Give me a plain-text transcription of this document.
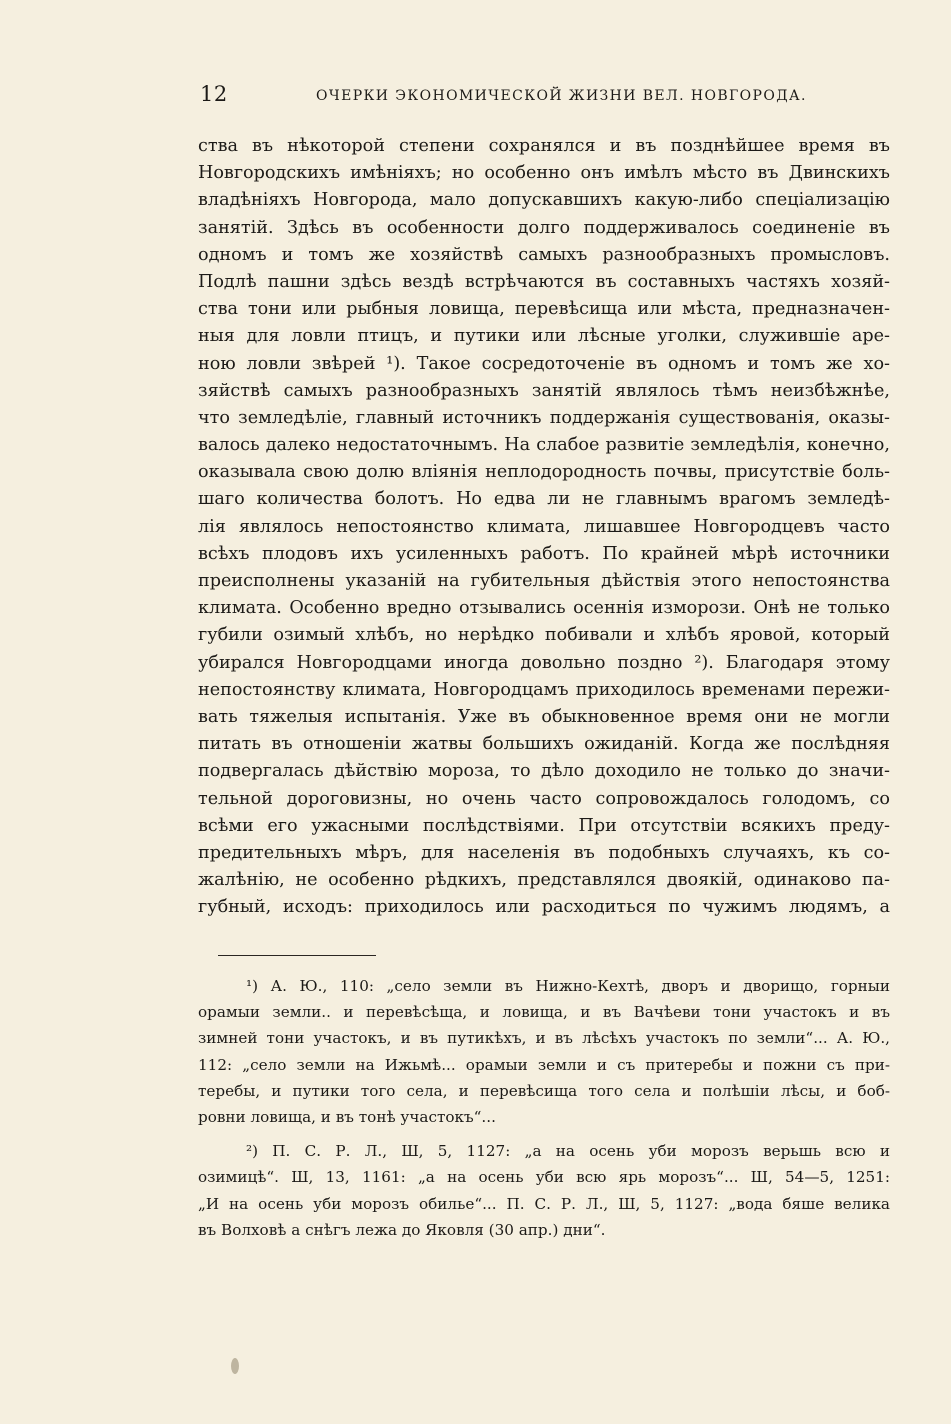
12	ОЧЕРКИ ЭКОНОМИЧЕСКОЙ ЖИЗНИ ВЕЛ. НОВГОРОДА.
ства въ нѣкоторой степени сохранялся и въ позднѣйшее время въ
Новгородскихъ имѣніяхъ; но особенно онъ имѣлъ мѣсто въ Двинскихъ
владѣніяхъ Новгорода, мало допускавшихъ какую-либо спеціализацію
занятій. Здѣсь въ особенности долго поддерживалось соединеніе въ
одномъ и томъ же хозяйствѣ самыхъ разнообразныхъ промысловъ.
Подлѣ пашни здѣсь вездѣ встрѣчаются въ составныхъ частяхъ хозяй-
ства тони или рыбныя ловища, перевѣсища или мѣста, предназначен-
ныя для ловли птицъ, и путики или лѣсные уголки, служившіе аре-
ною ловли звѣрей ¹). Такое сосредоточеніе въ одномъ и томъ же хо-
зяйствѣ самыхъ разнообразныхъ занятій являлось тѣмъ неизбѣжнѣе,
что земледѣліе, главный источникъ поддержанія существованія, оказы-
валось далеко недостаточнымъ. На слабое развитіе земледѣлія, конечно,
оказывала свою долю вліянія неплодородность почвы, присутствіе боль-
шаго количества болотъ. Но едва ли не главнымъ врагомъ земледѣ-
лія являлось непостоянство климата, лишавшее Новгородцевъ часто
всѣхъ плодовъ ихъ усиленныхъ работъ. По крайней мѣрѣ источники
преисполнены указаній на губительныя дѣйствія этого непостоянства
климата. Особенно вредно отзывались осеннія изморози. Онѣ не только
губили озимый хлѣбъ, но нерѣдко побивали и хлѣбъ яровой, который
убирался Новгородцами иногда довольно поздно ²). Благодаря этому
непостоянству климата, Новгородцамъ приходилось временами пережи-
вать тяжелыя испытанія. Уже въ обыкновенное время они не могли
питать въ отношеніи жатвы большихъ ожиданій. Когда же послѣдняя
подвергалась дѣйствію мороза, то дѣло доходило не только до значи-
тельной дороговизны, но очень часто сопровождалось голодомъ, со
всѣми его ужасными послѣдствіями. При отсутствіи всякихъ преду-
предительныхъ мѣръ, для населенія въ подобныхъ случаяхъ, къ со-
жалѣнію, не особенно рѣдкихъ, представлялся двоякій, одинаково па-
губный, исходъ: приходилось или расходиться по чужимъ людямъ, а
¹) А. Ю., 110: „село земли въ Нижно-Кехтѣ, дворъ и дворищо, горныи
орамыи земли.. и перевѣсѣща, и ловища, и въ Вачѣеви тони участокъ и въ
зимней тони участокъ, и въ путикѣхъ, и въ лѣсѣхъ участокъ по земли“... А. Ю.,
112: „село земли на Ижьмѣ... орамыи земли и съ притеребы и пожни съ при-
теребы, и путики того села, и перевѣсища того села и полѣшіи лѣсы, и боб-
ровни ловища, и въ тонѣ участокъ“...
²) П. С. Р. Л., Ш, 5, 1127: „а на осень уби морозъ верьшь всю и
озимицѣ“. Ш, 13, 1161: „а на осень уби всю ярь морозъ“... Ш, 54—5, 1251:
„И на осень уби морозъ обилье“... П. С. Р. Л., Ш, 5, 1127: „вода бяше велика
въ Волховѣ а снѣгъ лежа до Яковля (30 апр.) дни“.
